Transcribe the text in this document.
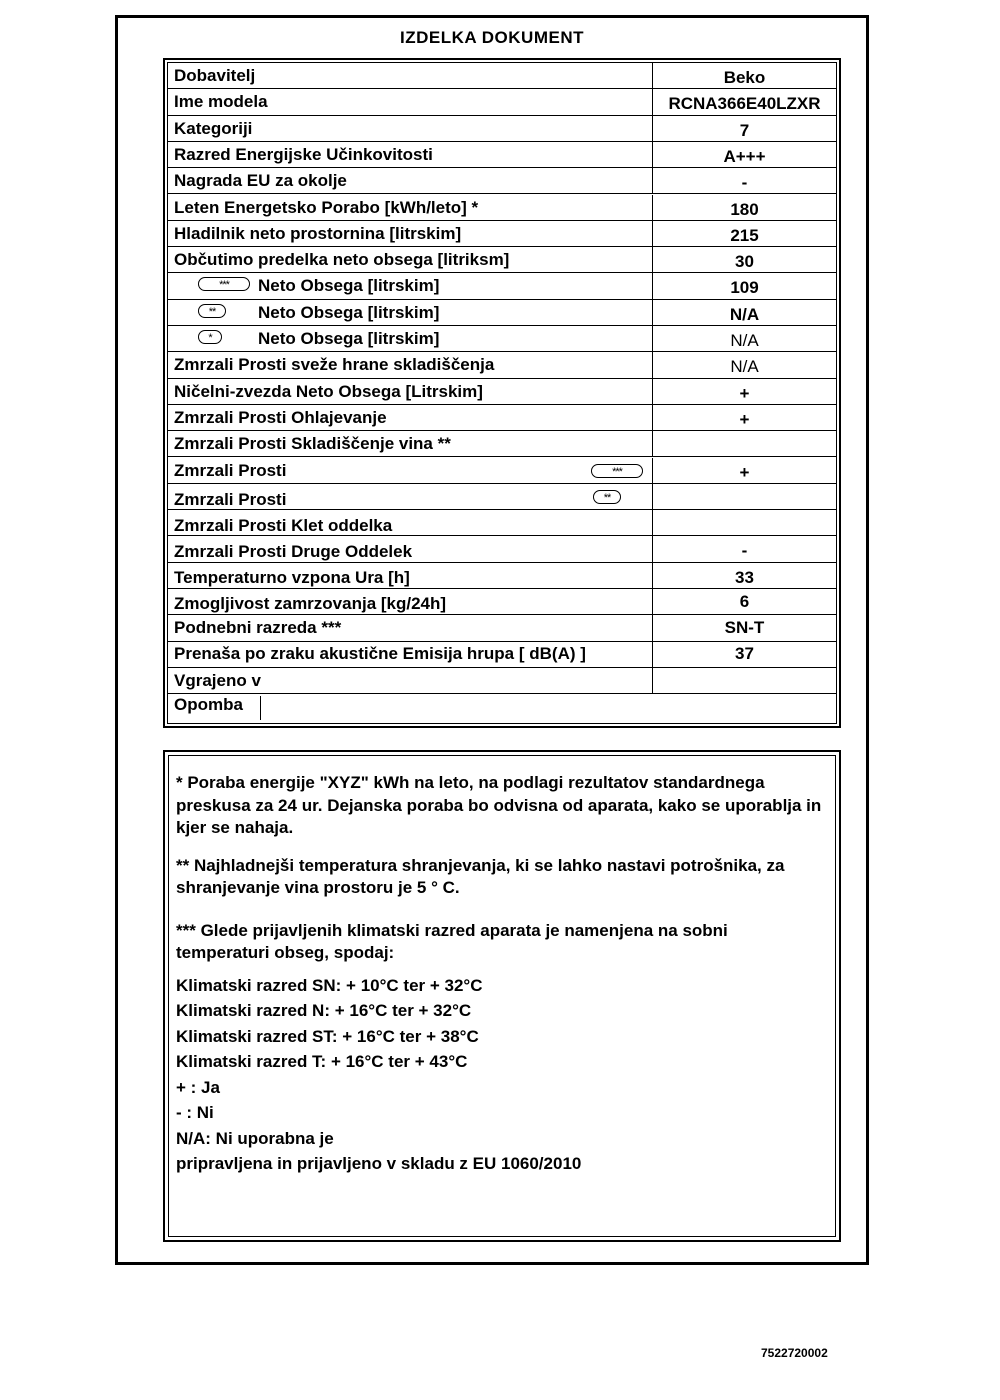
IZDELKA DOKUMENT
Dobavitelj	Beko
Ime modela	RCNA366E40LZXR
Kategoriji	7
Razred Energijske Učinkovitosti	A+++
Nagrada EU za okolje	-
Leten Energetsko Porabo [kWh/leto] *	180
Hladilnik neto prostornina [litrskim]	215
Občutimo predelka neto obsega [litriksm]	30
***	Neto Obsega [litrskim]	109
**	Neto Obsega [litrskim]	N/A
*	Neto Obsega [litrskim]	N/A
Zmrzali Prosti sveže hrane skladiščenja	N/A
Ničelni-zvezda Neto Obsega [Litrskim]	+
Zmrzali Prosti Ohlajevanje	+
Zmrzali Prosti Skladiščenje vina **
Zmrzali Prosti	***	+
Zmrzali Prosti	**
Zmrzali Prosti Klet oddelka
Zmrzali Prosti Druge Oddelek	-
Temperaturno vzpona Ura [h]	33
Zmogljivost zamrzovanja [kg/24h]	6
Podnebni razreda ***	SN-T
Prenaša po zraku akustične Emisija hrupa [ dB(A) ]	37
Vgrajeno v
Opomba

* Poraba energije "XYZ" kWh na leto, na podlagi rezultatov standardnega preskusa za 24 ur. Dejanska poraba bo odvisna od aparata, kako se uporablja in kjer se nahaja.

** Najhladnejši temperatura shranjevanja, ki se lahko nastavi potrošnika, za shranjevanje vina prostoru je 5 ° C.

*** Glede prijavljenih klimatski razred aparata je namenjena na sobni temperaturi obseg, spodaj:

Klimatski razred SN: + 10°C ter + 32°C
Klimatski razred N: + 16°C ter + 32°C
Klimatski razred ST: + 16°C ter + 38°C
Klimatski razred T: + 16°C ter + 43°C
+ : Ja
- : Ni
N/A: Ni uporabna je
pripravljena in prijavljeno v skladu z EU 1060/2010
7522720002
